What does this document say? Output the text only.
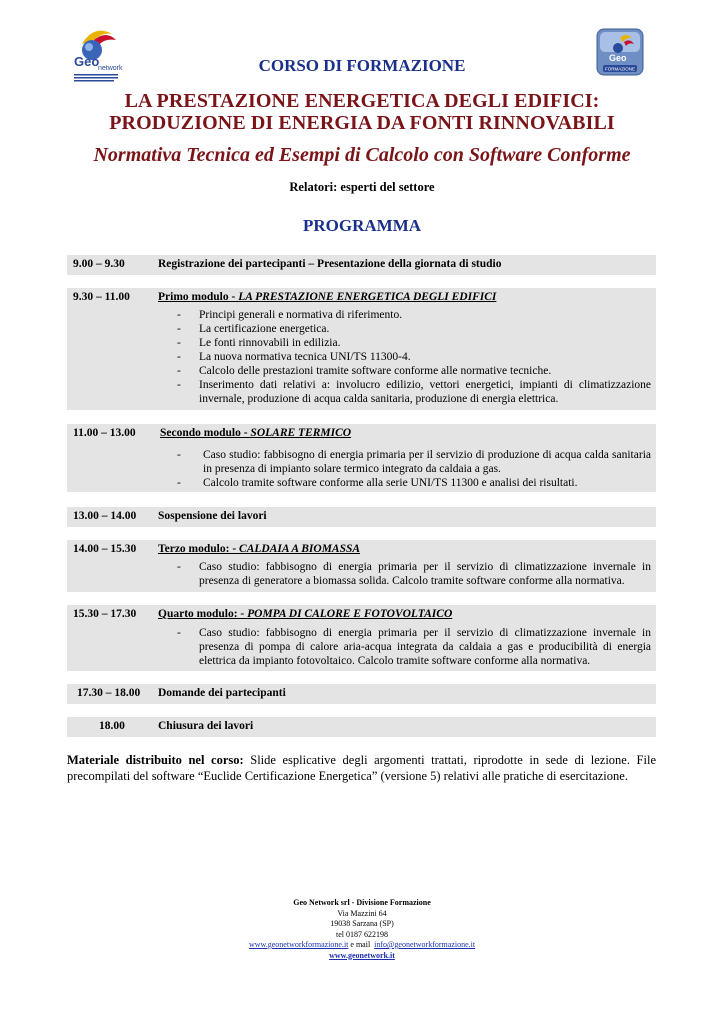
Geo
network
Geo
FORMAZIONE
CORSO DI FORMAZIONE
LA PRESTAZIONE ENERGETICA DEGLI EDIFICI:
PRODUZIONE DI ENERGIA DA FONTI RINNOVABILI
Normativa Tecnica ed Esempi di Calcolo con Software Conforme
Relatori: esperti del settore
PROGRAMMA
9.00 – 9.30	Registrazione dei partecipanti – Presentazione della giornata di studio
9.30 – 11.00 Primo modulo - LA PRESTAZIONE ENERGETICA DEGLI EDIFICI
- Principi generali e normativa di riferimento.
- La certificazione energetica.
- Le fonti rinnovabili in edilizia.
- La nuova normativa tecnica UNI/TS 11300-4.
- Calcolo delle prestazioni tramite software conforme alle normative tecniche.
- Inserimento dati relativi a: involucro edilizio, vettori energetici, impianti di climatizzazione invernale, produzione di acqua calda sanitaria, produzione di energia elettrica.
11.00 – 13.00 Secondo modulo - SOLARE TERMICO
- Caso studio: fabbisogno di energia primaria per il servizio di produzione di acqua calda sanitaria in presenza di impianto solare termico integrato da caldaia a gas.
- Calcolo tramite software conforme alla serie UNI/TS 11300 e analisi dei risultati.
13.00 – 14.00 Sospensione dei lavori
14.00 – 15.30 Terzo modulo: - CALDAIA A BIOMASSA
- Caso studio: fabbisogno di energia primaria per il servizio di climatizzazione invernale in presenza di generatore a biomassa solida. Calcolo tramite software conforme alla normativa.
15.30 – 17.30 Quarto modulo: - POMPA DI CALORE E FOTOVOLTAICO
- Caso studio: fabbisogno di energia primaria per il servizio di climatizzazione invernale in presenza di pompa di calore aria-acqua integrata da caldaia a gas e producibilità di energia elettrica da impianto fotovoltaico. Calcolo tramite software conforme alla normativa.
17.30 – 18.00 Domande dei partecipanti
18.00	Chiusura dei lavori
Materiale distribuito nel corso: Slide esplicative degli argomenti trattati, riprodotte in sede di lezione. File precompilati del software “Euclide Certificazione Energetica” (versione 5) relativi alle pratiche di esercitazione.
Geo Network srl - Divisione Formazione
Via Mazzini 64
19038 Sarzana (SP)
tel 0187 622198
www.geonetworkformazione.it e mail  info@geonetworkformazione.it
www.geonetwork.it
